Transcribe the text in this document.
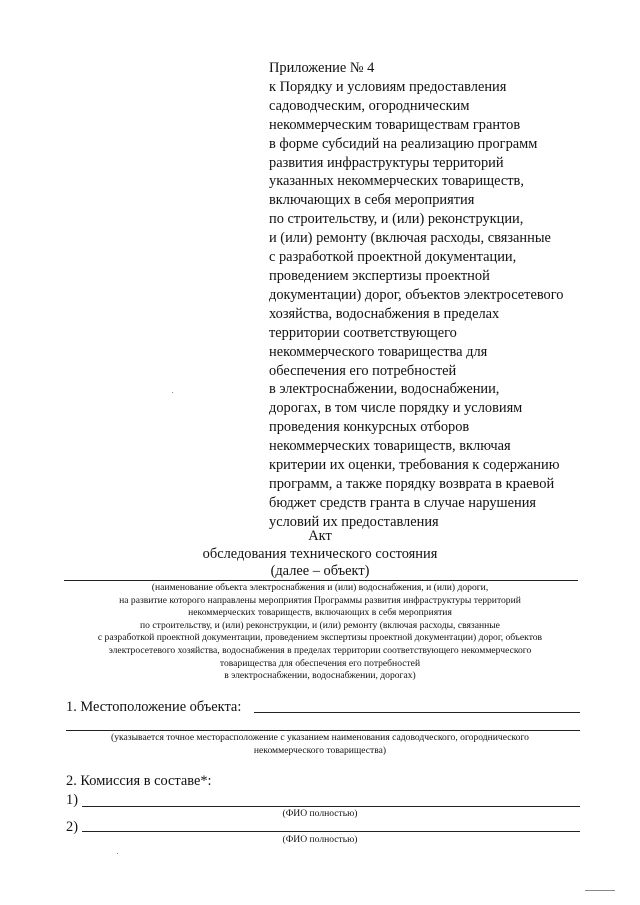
Приложение № 4
к Порядку и условиям предоставления
садоводческим, огородническим
некоммерческим товариществам грантов
в форме субсидий на реализацию программ
развития инфраструктуры территорий
указанных некоммерческих товариществ,
включающих в себя мероприятия
по строительству, и (или) реконструкции,
и (или) ремонту (включая расходы, связанные
с разработкой проектной документации,
проведением экспертизы проектной
документации) дорог, объектов электросетевого
хозяйства, водоснабжения в пределах
территории соответствующего
некоммерческого товарищества для
обеспечения его потребностей
в электроснабжении, водоснабжении,
дорогах, в том числе порядку и условиям
проведения конкурсных отборов
некоммерческих товариществ, включая
критерии их оценки, требования к содержанию
программ, а также порядку возврата в краевой
бюджет средств гранта в случае нарушения
условий их предоставления
Акт
обследования технического состояния
(далее – объект)
(наименование объекта электроснабжения и (или) водоснабжения, и (или) дороги,
на развитие которого направлены мероприятия Программы развития инфраструктуры территорий
некоммерческих товариществ, включающих в себя мероприятия
по строительству, и (или) реконструкции, и (или) ремонту (включая расходы, связанные
с разработкой проектной документации, проведением экспертизы проектной документации) дорог, объектов
электросетевого хозяйства, водоснабжения в пределах территории соответствующего некоммерческого
товарищества для обеспечения его потребностей
в электроснабжении, водоснабжении, дорогах)
1. Местоположение объекта:
(указывается точное месторасположение с указанием наименования садоводческого, огороднического
некоммерческого товарищества)
2. Комиссия в составе*:
1)
(ФИО полностью)
2)
(ФИО полностью)
